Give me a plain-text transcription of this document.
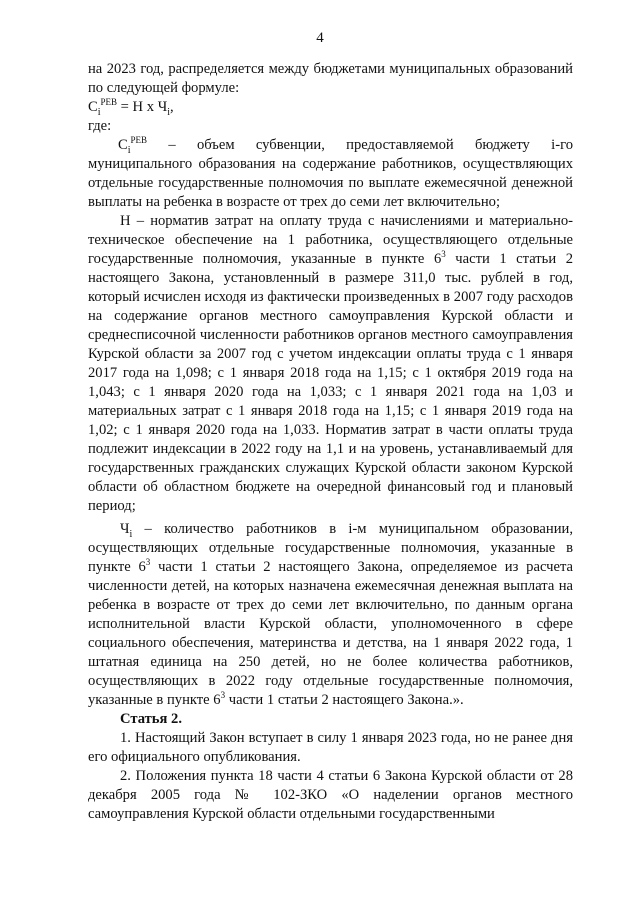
4

на 2023 год, распределяется между бюджетами муниципальных образований по следующей формуле:

$C_i^{РЕВ} = Н$ х $Ч_i$,

где:

$C_i^{РЕВ}$ – объем субвенции, предоставляемой бюджету i-го муниципального образования на содержание работников, осуществляющих отдельные государственные полномочия по выплате ежемесячной денежной выплаты на ребенка в возрасте от трех до семи лет включительно;

Н – норматив затрат на оплату труда с начислениями и материально-техническое обеспечение на 1 работника, осуществляющего отдельные государственные полномочия, указанные в пункте $6^3$ части 1 статьи 2 настоящего Закона, установленный в размере 311,0 тыс. рублей в год, который исчислен исходя из фактически произведенных в 2007 году расходов на содержание органов местного самоуправления Курской области и среднесписочной численности работников органов местного самоуправления Курской области за 2007 год с учетом индексации оплаты труда с 1 января 2017 года на 1,098; с 1 января 2018 года на 1,15; с 1 октября 2019 года на 1,043; с 1 января 2020 года на 1,033; с 1 января 2021 года на 1,03 и материальных затрат с 1 января 2018 года на 1,15; с 1 января 2019 года на 1,02; с 1 января 2020 года на 1,033. Норматив затрат в части оплаты труда подлежит индексации в 2022 году на 1,1 и на уровень, устанавливаемый для государственных гражданских служащих Курской области законом Курской области об областном бюджете на очередной финансовый год и плановый период;

$Ч_i$ – количество работников в i-м муниципальном образовании, осуществляющих отдельные государственные полномочия, указанные в пункте $6^3$ части 1 статьи 2 настоящего Закона, определяемое из расчета численности детей, на которых назначена ежемесячная денежная выплата на ребенка в возрасте от трех до семи лет включительно, по данным органа исполнительной власти Курской области, уполномоченного в сфере социального обеспечения, материнства и детства, на 1 января 2022 года, 1 штатная единица на 250 детей, но не более количества работников, осуществляющих в 2022 году отдельные государственные полномочия, указанные в пункте $6^3$ части 1 статьи 2 настоящего Закона.».

Статья 2.

1. Настоящий Закон вступает в силу 1 января 2023 года, но не ранее дня его официального опубликования.

2. Положения пункта 18 части 4 статьи 6 Закона Курской области от 28 декабря 2005 года № 102-ЗКО «О наделении органов местного самоуправления Курской области отдельными государственными
